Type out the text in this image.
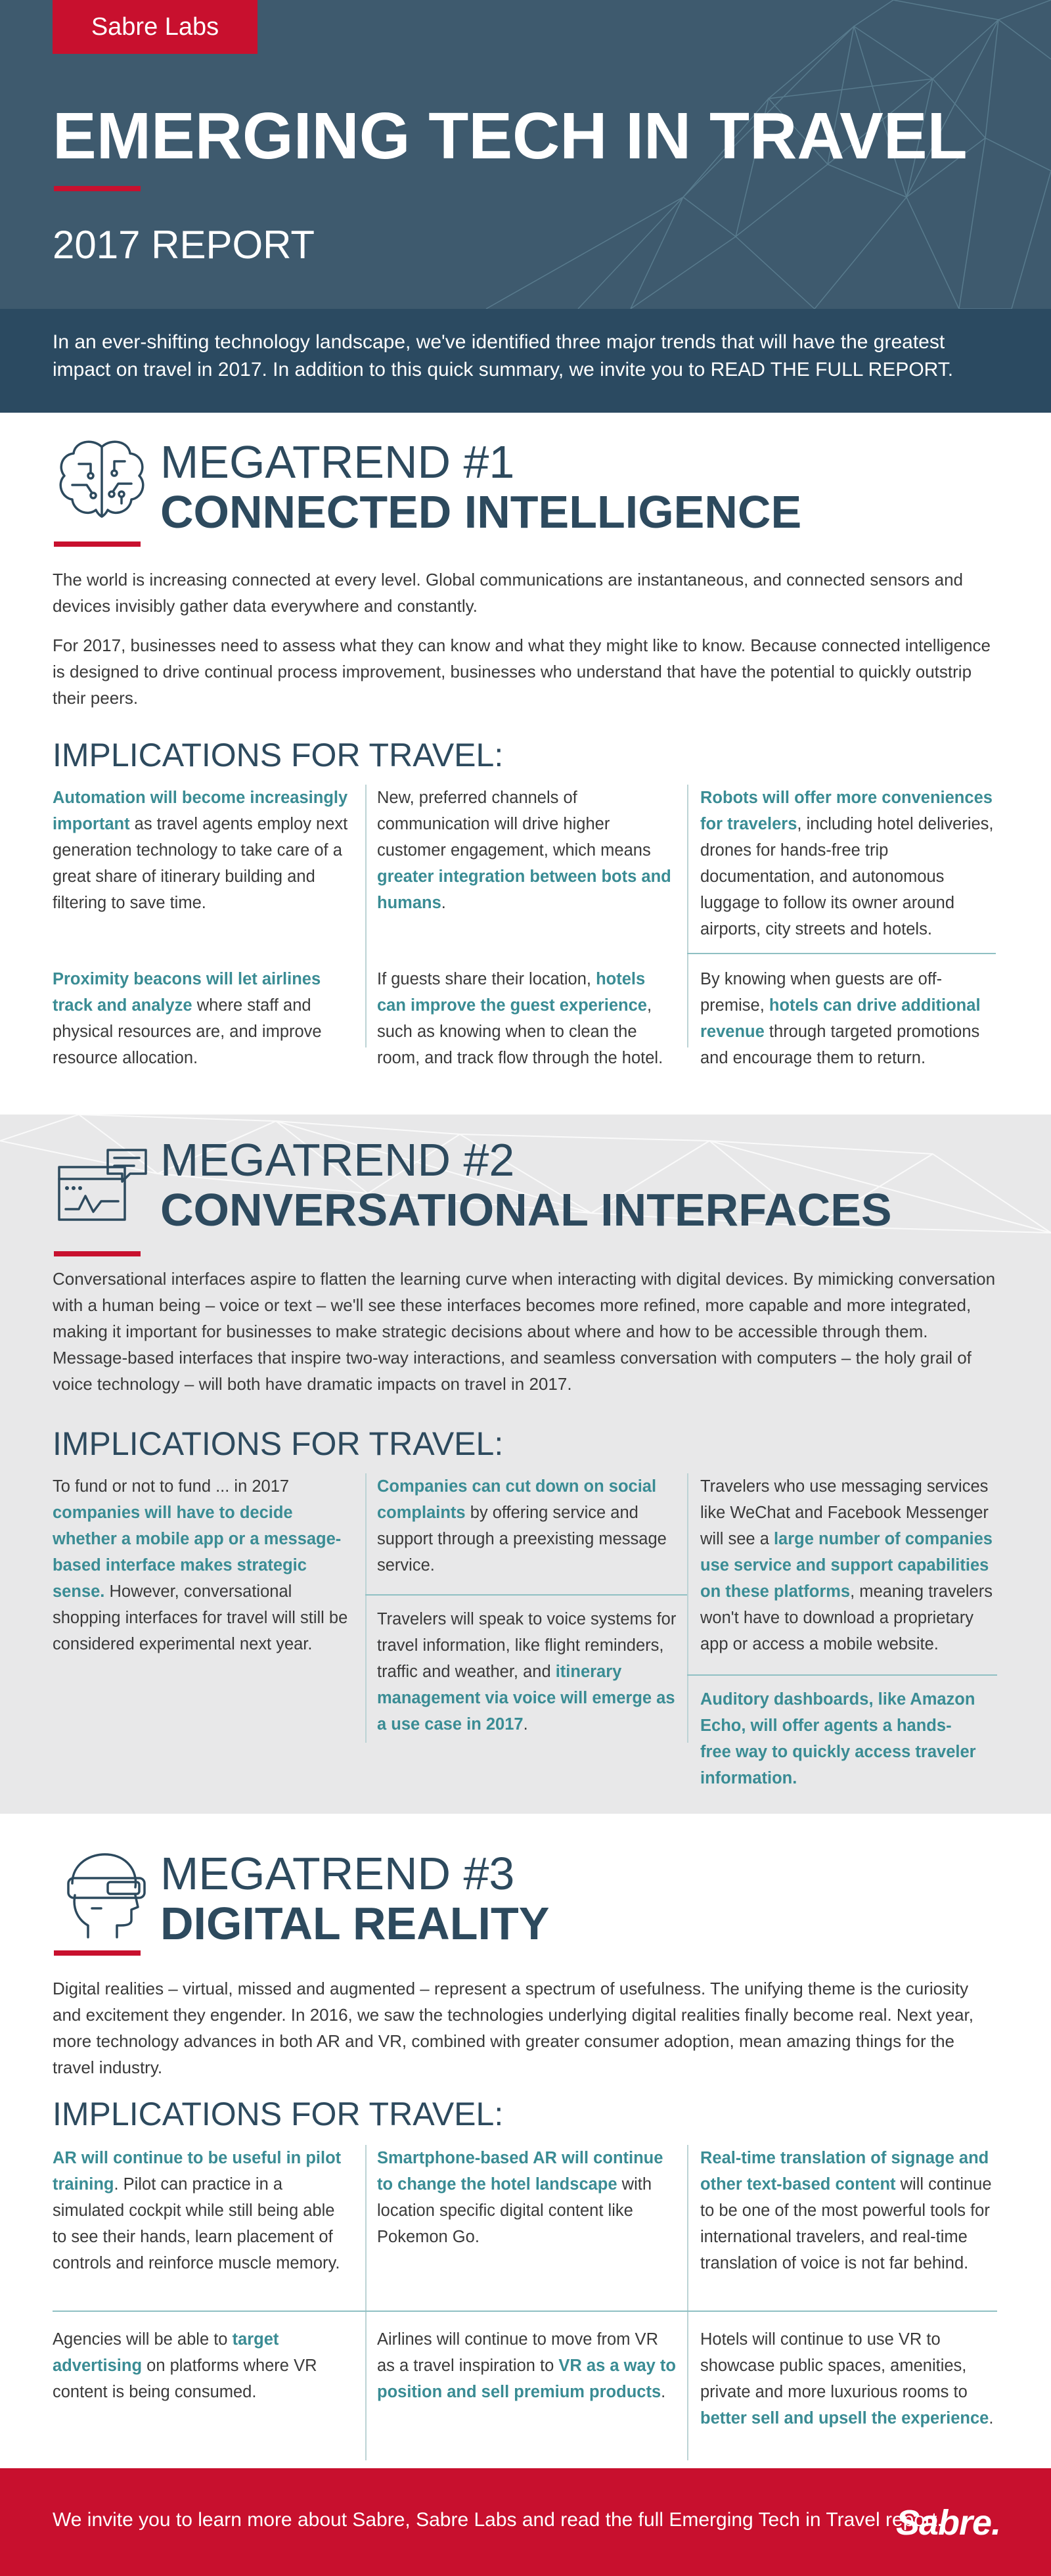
Sabre Labs
EMERGING TECH IN TRAVEL
2017 REPORT

In an ever-shifting technology landscape, we've identified three major trends that will have the greatest impact on travel in 2017. In addition to this quick summary, we invite you to READ THE FULL REPORT.

MEGATREND #1
CONNECTED INTELLIGENCE

The world is increasing connected at every level. Global communications are instantaneous, and connected sensors and devices invisibly gather data everywhere and constantly.

For 2017, businesses need to assess what they can know and what they might like to know. Because connected intelligence is designed to drive continual process improvement, businesses who understand that have the potential to quickly outstrip their peers.

IMPLICATIONS FOR TRAVEL:
Automation will become increasingly important as travel agents employ next generation technology to take care of a great share of itinerary building and filtering to save time.
New, preferred channels of communication will drive higher customer engagement, which means greater integration between bots and humans.
Robots will offer more conveniences for travelers, including hotel deliveries, drones for hands-free trip documentation, and autonomous luggage to follow its owner around airports, city streets and hotels.
Proximity beacons will let airlines track and analyze where staff and physical resources are, and improve resource allocation.
If guests share their location, hotels can improve the guest experience, such as knowing when to clean the room, and track flow through the hotel.
By knowing when guests are off-premise, hotels can drive additional revenue through targeted promotions and encourage them to return.
MEGATREND #2
CONVERSATIONAL INTERFACES

Conversational interfaces aspire to flatten the learning curve when interacting with digital devices. By mimicking conversation with a human being – voice or text – we'll see these interfaces becomes more refined, more capable and more integrated, making it important for businesses to make strategic decisions about where and how to be accessible through them. Message-based interfaces that inspire two-way interactions, and seamless conversation with computers – the holy grail of voice technology – will both have dramatic impacts on travel in 2017.

IMPLICATIONS FOR TRAVEL:
To fund or not to fund ... in 2017 companies will have to decide whether a mobile app or a message-based interface makes strategic sense. However, conversational shopping interfaces for travel will still be considered experimental next year.
Companies can cut down on social complaints by offering service and support through a preexisting message service.
Travelers will speak to voice systems for travel information, like flight reminders, traffic and weather, and itinerary management via voice will emerge as a use case in 2017.
Travelers who use messaging services like WeChat and Facebook Messenger will see a large number of companies use service and support capabilities on these platforms, meaning travelers won't have to download a proprietary app or access a mobile website.
Auditory dashboards, like Amazon Echo, will offer agents a hands-free way to quickly access traveler information.
MEGATREND #3
DIGITAL REALITY

Digital realities – virtual, missed and augmented – represent a spectrum of usefulness. The unifying theme is the curiosity and excitement they engender. In 2016, we saw the technologies underlying digital realities finally become real. Next year, more technology advances in both AR and VR, combined with greater consumer adoption, mean amazing things for the travel industry.

IMPLICATIONS FOR TRAVEL:
AR will continue to be useful in pilot training. Pilot can practice in a simulated cockpit while still being able to see their hands, learn placement of controls and reinforce muscle memory.
Smartphone-based AR will continue to change the hotel landscape with location specific digital content like Pokemon Go.
Real-time translation of signage and other text-based content will continue to be one of the most powerful tools for international travelers, and real-time translation of voice is not far behind.
Agencies will be able to target advertising on platforms where VR content is being consumed.
Airlines will continue to move from VR as a travel inspiration to VR as a way to position and sell premium products.
Hotels will continue to use VR to showcase public spaces, amenities, private and more luxurious rooms to better sell and upsell the experience.

We invite you to learn more about Sabre, Sabre Labs and read the full Emerging Tech in Travel report.

Sabre.
